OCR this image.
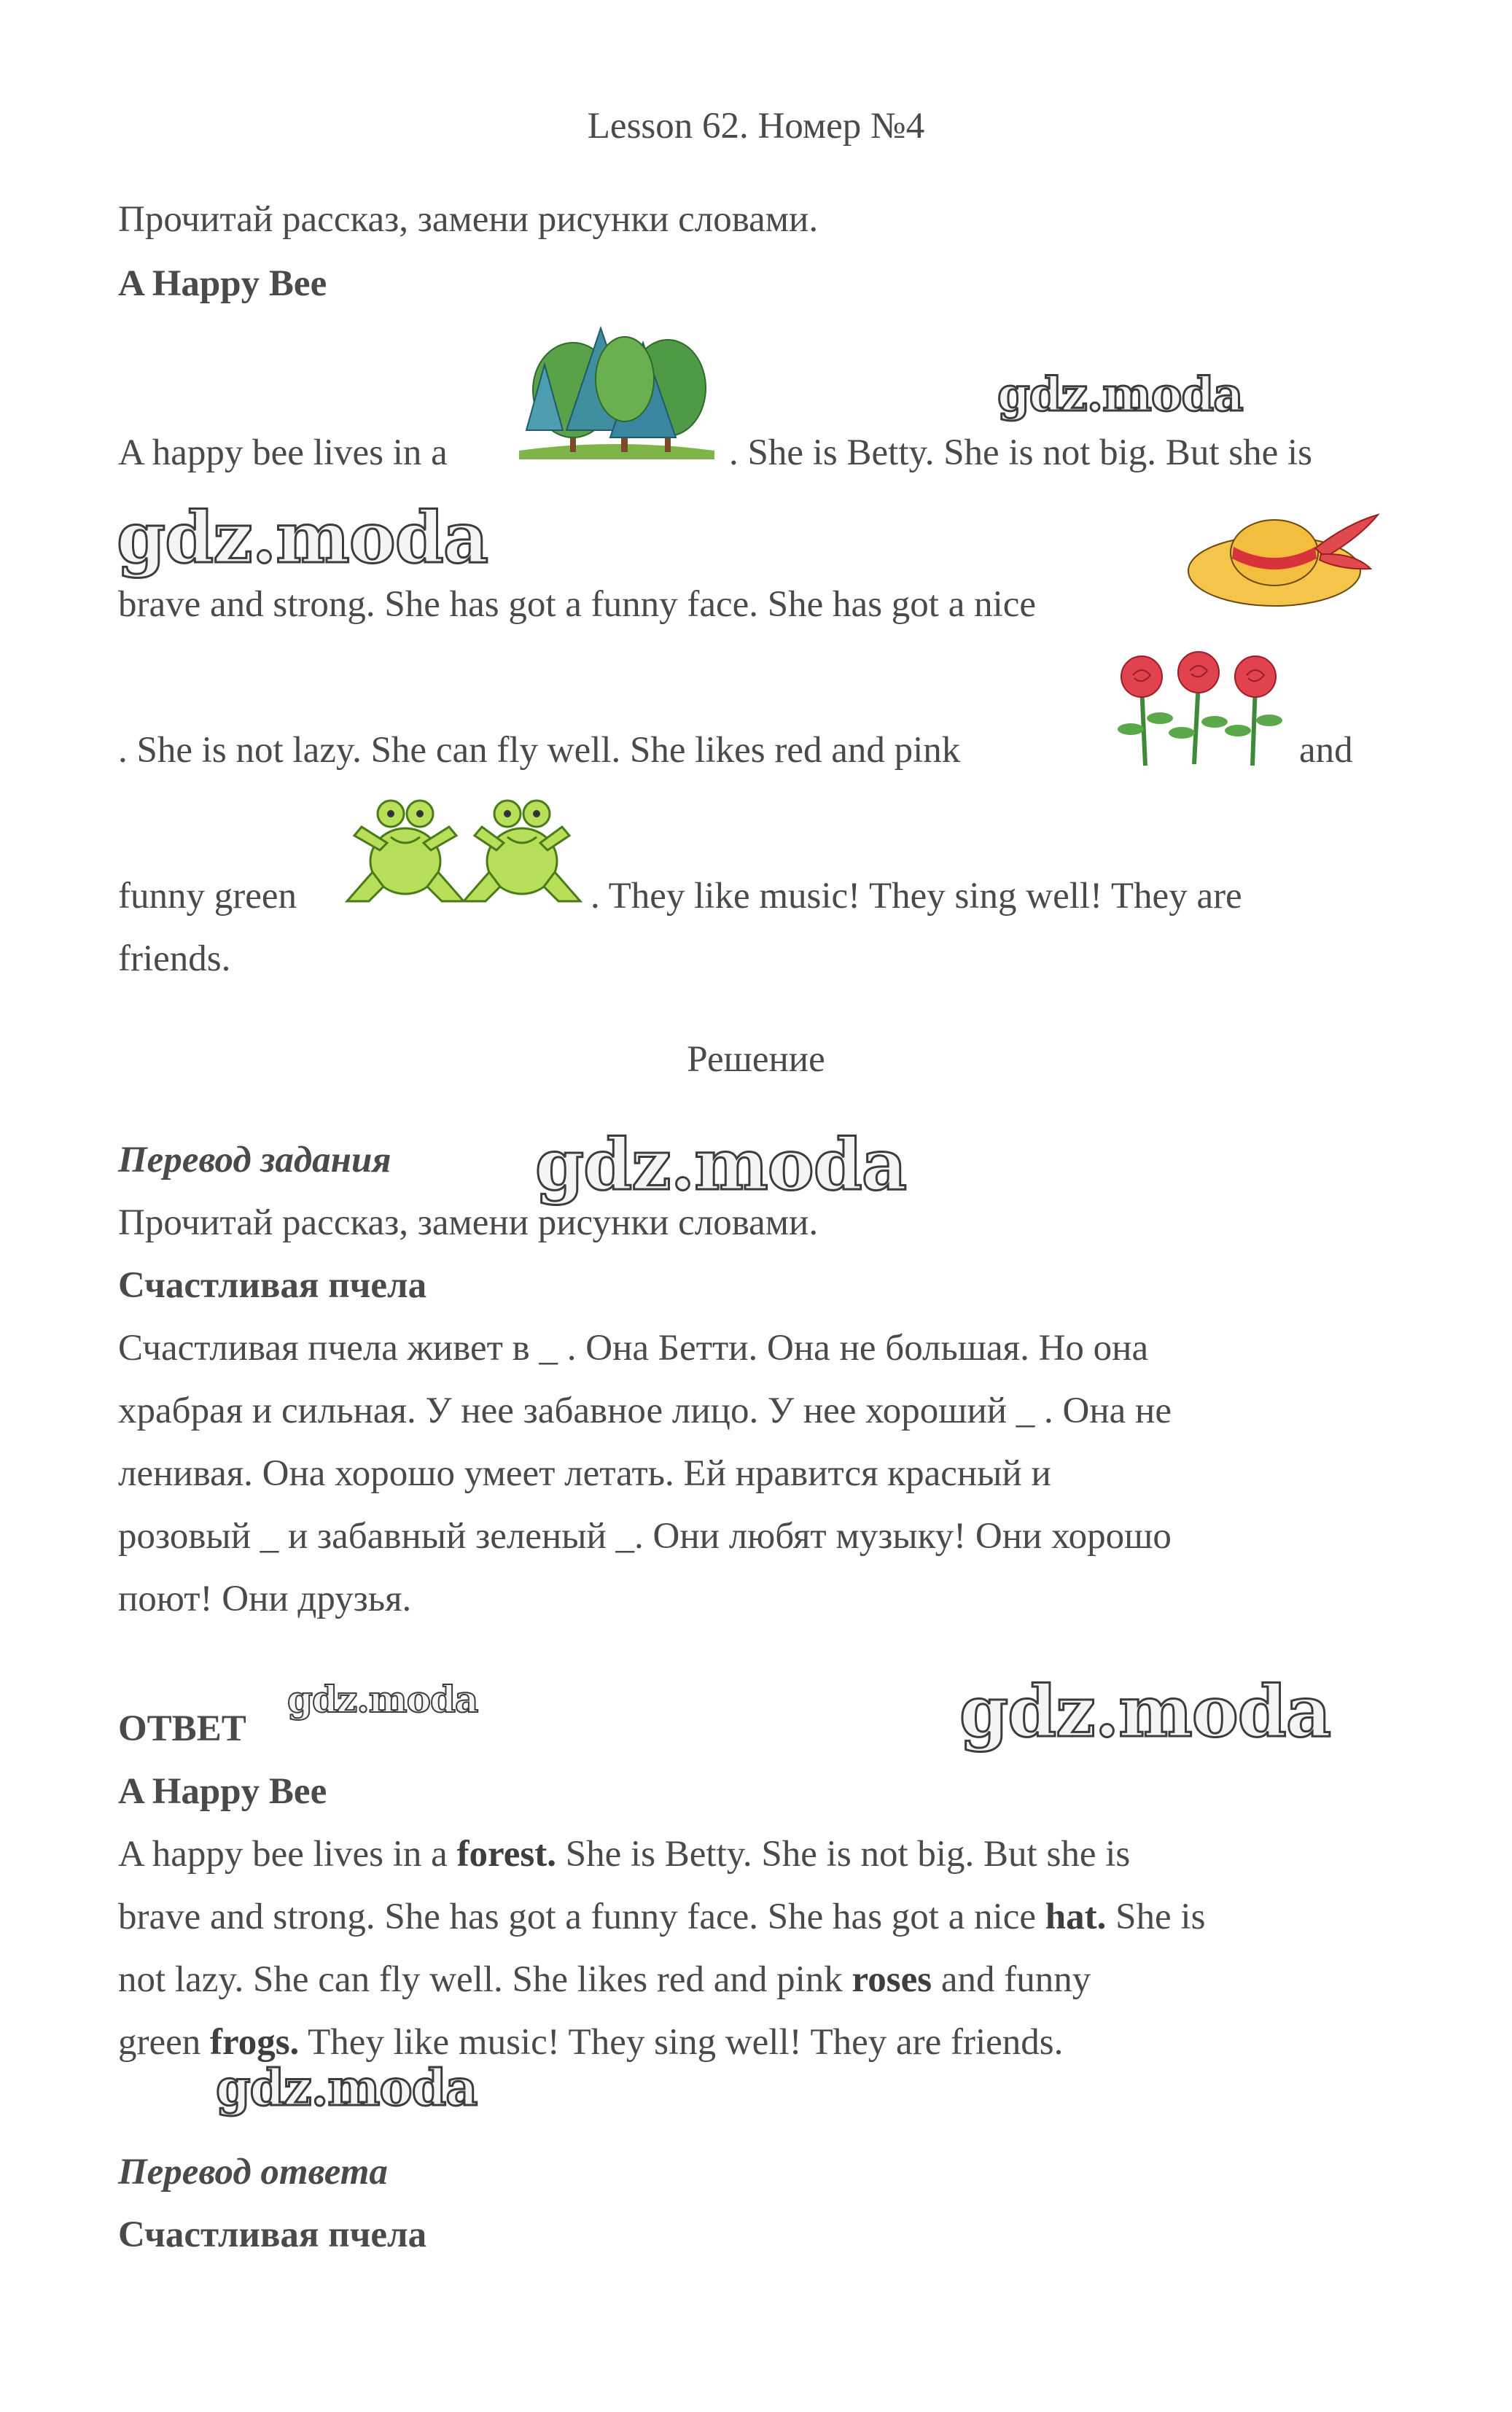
Lesson 62. Номер №4
Прочитай рассказ, замени рисунки словами.
A Happy Bee
A happy bee lives in a	. She is Betty. She is not big. But she is
brave and strong. She has got a funny face. She has got a nice
. She is not lazy. She can fly well. She likes red and pink	and
funny green	. They like music! They sing well! They are
friends.
Решение
Перевод задания
Прочитай рассказ, замени рисунки словами.
Счастливая пчела
Счастливая пчела живет в _ . Она Бетти. Она не большая. Но она
храбрая и сильная. У нее забавное лицо. У нее хороший _ . Она не
ленивая. Она хорошо умеет летать. Ей нравится красный и
розовый _ и забавный зеленый _. Они любят музыку! Они хорошо
поют! Они друзья.
ОТВЕТ
A Happy Bee
A happy bee lives in a forest. She is Betty. She is not big. But she is
brave and strong. She has got a funny face. She has got a nice hat. She is
not lazy. She can fly well. She likes red and pink roses and funny
green frogs. They like music! They sing well! They are friends.
Перевод ответа
Счастливая пчела
gdz.moda
gdz.moda
gdz.moda
gdz.moda	gdz.moda
gdz.moda
